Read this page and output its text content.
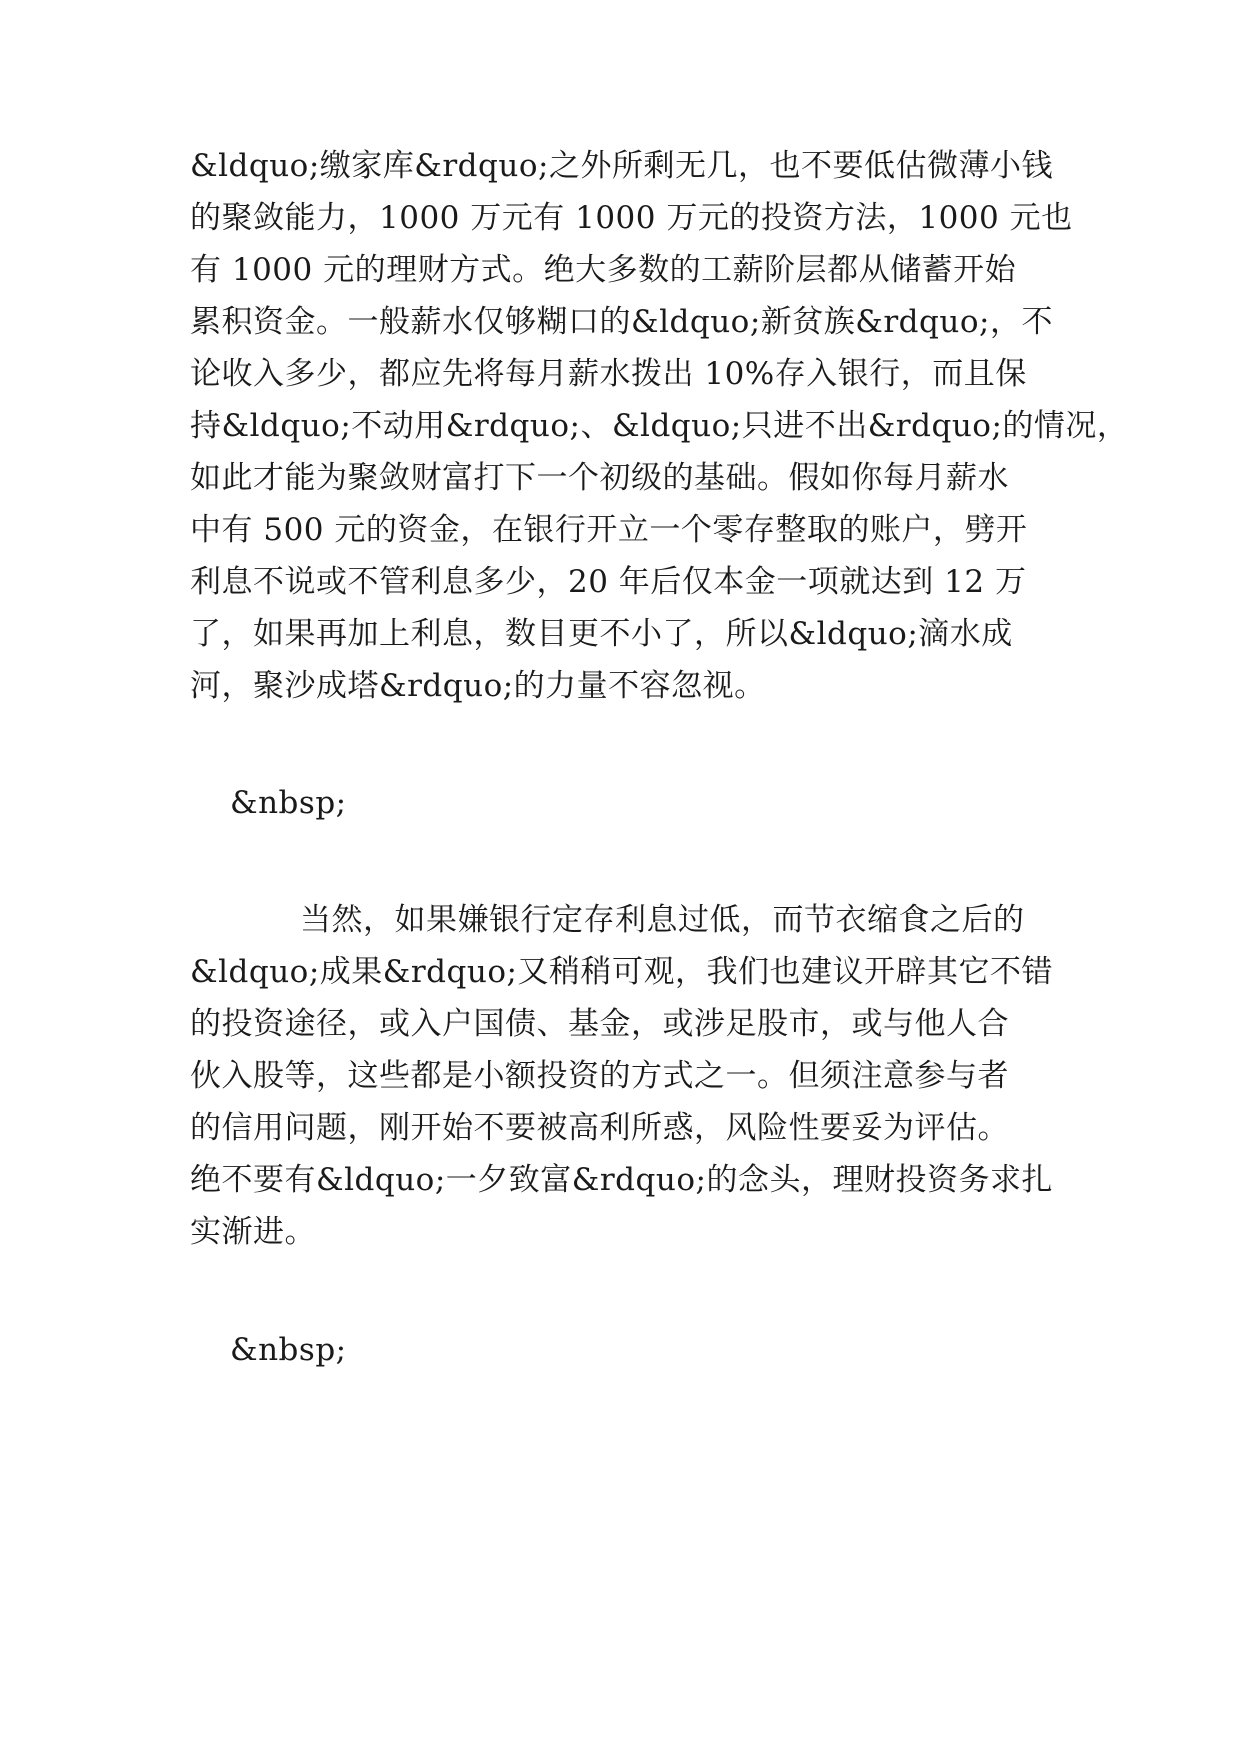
&ldquo;缴家库&rdquo;之外所剩无几，也不要低估微薄小钱
的聚敛能力，1000 万元有 1000 万元的投资方法，1000 元也
有 1000 元的理财方式。绝大多数的工薪阶层都从储蓄开始
累积资金。一般薪水仅够糊口的&ldquo;新贫族&rdquo;，不
论收入多少，都应先将每月薪水拨出 10%存入银行，而且保
持&ldquo;不动用&rdquo;、&ldquo;只进不出&rdquo;的情况，
如此才能为聚敛财富打下一个初级的基础。假如你每月薪水
中有 500 元的资金，在银行开立一个零存整取的账户，劈开
利息不说或不管利息多少，20 年后仅本金一项就达到 12 万
了，如果再加上利息，数目更不小了，所以&ldquo;滴水成
河，聚沙成塔&rdquo;的力量不容忽视。
&nbsp;
当然，如果嫌银行定存利息过低，而节衣缩食之后的
&ldquo;成果&rdquo;又稍稍可观，我们也建议开辟其它不错
的投资途径，或入户国债、基金，或涉足股市，或与他人合
伙入股等，这些都是小额投资的方式之一。但须注意参与者
的信用问题，刚开始不要被高利所惑，风险性要妥为评估。
绝不要有&ldquo;一夕致富&rdquo;的念头，理财投资务求扎
实渐进。
&nbsp;
